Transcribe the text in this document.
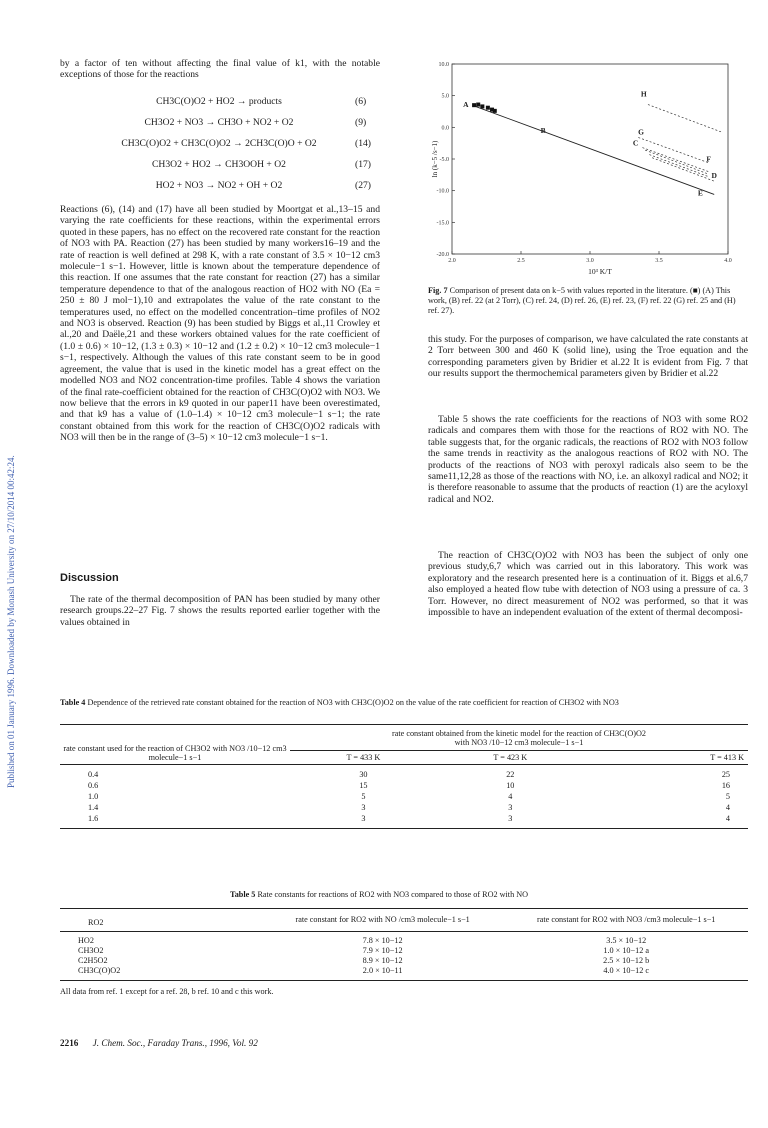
Published on 01 January 1996. Downloaded by Monash University on 27/10/2014 00:42:24.

by a factor of ten without affecting the final value of k1, with the notable exceptions of those for the reactions

CH3C(O)O2 + HO2 → products	(6)
CH3O2 + NO3 → CH3O + NO2 + O2	(9)
CH3C(O)O2 + CH3C(O)O2 → 2CH3C(O)O + O2	(14)
CH3O2 + HO2 → CH3OOH + O2	(17)
HO2 + NO3 → NO2 + OH + O2	(27)

Reactions (6), (14) and (17) have all been studied by Moortgat et al.,13–15 and varying the rate coefficients for these reactions, within the experimental errors quoted in these papers, has no effect on the recovered rate constant for the reaction of NO3 with PA. Reaction (27) has been studied by many workers16–19 and the rate of reaction is well defined at 298 K, with a rate constant of 3.5 × 10−12 cm3 molecule−1 s−1. However, little is known about the temperature dependence of this reaction. If one assumes that the rate constant for reaction (27) has a similar temperature dependence to that of the analogous reaction of HO2 with NO (Ea = 250 ± 80 J mol−1),10 and extrapolates the value of the rate constant to the temperatures used, no effect on the modelled concentration–time profiles of NO2 and NO3 is observed. Reaction (9) has been studied by Biggs et al.,11 Crowley et al.,20 and Daële,21 and these workers obtained values for the rate coefficient of (1.0 ± 0.6) × 10−12, (1.3 ± 0.3) × 10−12 and (1.2 ± 0.2) × 10−12 cm3 molecule−1 s−1, respectively. Although the values of this rate constant seem to be in good agreement, the value that is used in the kinetic model has a great effect on the modelled NO3 and NO2 concentration-time profiles. Table 4 shows the variation of the final rate-coefficient obtained for the reaction of CH3C(O)O2 with NO3. We now believe that the errors in k9 quoted in our paper11 have been overestimated, and that k9 has a value of (1.0–1.4) × 10−12 cm3 molecule−1 s−1; the rate constant obtained from this work for the reaction of CH3C(O)O2 radicals with NO3 will then be in the range of (3–5) × 10−12 cm3 molecule−1 s−1.

Discussion

The rate of the thermal decomposition of PAN has been studied by many other research groups.22–27 Fig. 7 shows the results reported earlier together with the values obtained in

10.0
5.0
0.0
-5.0
-10.0
-15.0
-20.0
2.0	2.5	3.0	3.5	4.0
ln (k−5 /s−1)
10³ K/T
A
B
H
G
C
F
D
E
Fig. 7 Comparison of present data on k−5 with values reported in the literature. (■) (A) This work, (B) ref. 22 (at 2 Torr), (C) ref. 24, (D) ref. 26, (E) ref. 23, (F) ref. 22 (G) ref. 25 and (H) ref. 27).

this study. For the purposes of comparison, we have calculated the rate constants at 2 Torr between 300 and 460 K (solid line), using the Troe equation and the corresponding parameters given by Bridier et al.22 It is evident from Fig. 7 that our results support the thermochemical parameters given by Bridier et al.22

Table 5 shows the rate coefficients for the reactions of NO3 with some RO2 radicals and compares them with those for the reactions of RO2 with NO. The table suggests that, for the organic radicals, the reactions of RO2 with NO3 follow the same trends in reactivity as the analogous reactions of RO2 with NO. The products of the reactions of NO3 with peroxyl radicals also seem to be the same11,12,28 as those of the reactions with NO, i.e. an alkoxyl radical and NO2; it is therefore reasonable to assume that the products of reaction (1) are the acyloxyl radical and NO2.

The reaction of CH3C(O)O2 with NO3 has been the subject of only one previous study,6,7 which was carried out in this laboratory. This work was exploratory and the research presented here is a continuation of it. Biggs et al.6,7 also employed a heated flow tube with detection of NO3 using a pressure of ca. 3 Torr. However, no direct measurement of NO2 was performed, so that it was impossible to have an independent evaluation of the extent of thermal decomposi-

Table 4 Dependence of the retrieved rate constant obtained for the reaction of NO3 with CH3C(O)O2 on the value of the rate coefficient for reaction of CH3O2 with NO3
rate constant used for the reaction of CH3O2 with NO3 /10−12 cm3 molecule−1 s−1	rate constant obtained from the kinetic model for the reaction of CH3C(O)O2 with NO3 /10−12 cm3 molecule−1 s−1		
	T = 433 K	T = 423 K	T = 413 K
0.4	30	22	25
0.6	15	10	16
1.0	5	4	5
1.4	3	3	4
1.6	3	3	4
Table 5 Rate constants for reactions of RO2 with NO3 compared to those of RO2 with NO
RO2	rate constant for RO2 with NO /cm3 molecule−1 s−1	rate constant for RO2 with NO3 /cm3 molecule−1 s−1
HO2	7.8 × 10−12	3.5 × 10−12
CH3O2	7.9 × 10−12	1.0 × 10−12 a
C2H5O2	8.9 × 10−12	2.5 × 10−12 b
CH3C(O)O2	2.0 × 10−11	4.0 × 10−12 c
All data from ref. 1 except for a ref. 28, b ref. 10 and c this work.
2216 J. Chem. Soc., Faraday Trans., 1996, Vol. 92
